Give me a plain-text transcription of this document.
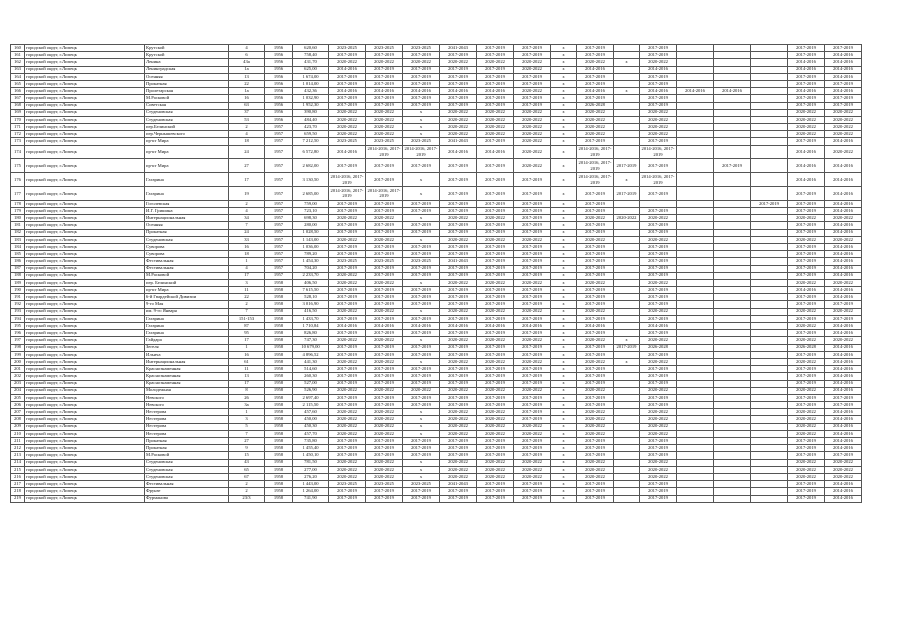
160	городской округ, г.Липецк	Крутской	4	1956	620,60	2023-2025	2023-2025	2023-2025	2041-2043	2017-2019	2017-2019	x	2017-2019		2017-2019				2017-2019	2017-2019
161	городской округ, г.Липецк	Крутской	6	1956	758,40	2017-2019	2017-2019	2017-2019	2017-2019	2017-2019	2017-2019	x	2017-2019		2017-2019				2017-2019	2014-2016
162	городской округ, г.Липецк	Ленина	43а	1956	431,70	2020-2022	2020-2022	2020-2022	2020-2022	2020-2022	2020-2022	x	2020-2022	x	2020-2022				2014-2016	2014-2016
163	городской округ, г.Липецк	Ленинградская	1а	1956	625,00	2014-2016	2017-2019	2017-2019	2017-2019	2017-2019	2020-2022	x	2014-2016		2014-2016				2014-2016	2014-2016
164	городской округ, г.Липецк	Осенняя	13	1956	1 674,00	2017-2019	2017-2019	2017-2019	2017-2019	2017-2019	2017-2019	x	2017-2019		2017-2019				2017-2019	2014-2016
165	городской округ, г.Липецк	Прокатная	22	1956	1 014,00	2017-2019	2017-2019	2017-2019	2017-2019	2017-2019	2017-2019	x	2017-2019		2017-2019				2017-2019	2017-2019
166	городской округ, г.Липецк	Пролетарская	1а	1956	432,36	2014-2016	2014-2016	2014-2016	2014-2016	2014-2016	2020-2022	x	2014-2016	x	2014-2016	2014-2016	2014-2016		2014-2016	2014-2016
167	городской округ, г.Липецк	М.Расковой	16	1956	1 032,90	2017-2019	2017-2019	2017-2019	2017-2019	2017-2019	2017-2019	x	2017-2019		2017-2019				2017-2019	2017-2019
168	городской округ, г.Липецк	Советская	63	1956	1 952,30	2017-2019	2017-2019	2017-2019	2017-2019	2017-2019	2017-2019	x	2026-2028		2017-2019				2017-2019	2017-2019
169	городской округ, г.Липецк	Студеновская	37	1956	390,80	2020-2022	2020-2022	x	2020-2022	2020-2022	2020-2022	x	2020-2022		2020-2022				2020-2022	2020-2022
170	городской округ, г.Липецк	Студеновская	53	1956	484,40	2020-2022	2020-2022	x	2020-2022	2020-2022	2020-2022	x	2020-2022		2020-2022				2020-2022	2020-2022
171	городской округ, г.Липецк	пер.Белинский	2	1957	423,70	2020-2022	2020-2022	x	2020-2022	2020-2022	2020-2022	x	2020-2022		2020-2022				2020-2022	2020-2022
172	городской округ, г.Липецк	пер.Чернышевского	4	1957	659,50	2020-2022	2020-2022	x	2020-2022	2020-2022	2020-2022	x	2020-2022		2020-2022				2020-2022	2020-2022
173	городской округ, г.Липецк	пр-кт Мира	18	1957	7 212,50	2023-2025	2023-2025	2023-2025	2041-2043	2017-2019	2020-2022	x	2017-2019		2017-2019				2017-2019	2014-2016
174	городской округ, г.Липецк	пр-кт Мира	24	1957	6 572,80	2014-2016	2014-2016, 2017-2019	2014-2016, 2017-2019	2014-2016	2014-2016	2020-2022	x	2014-2016, 2017-2019		2014-2016, 2017-2019				2014-2016	2020-2022
175	городской округ, г.Липецк	пр-кт Мира	27	1957	2 682,00	2017-2019	2017-2019	2017-2019	2017-2019	2017-2019	2020-2022	x	2014-2016, 2017-2019	2017-2019	2017-2019		2017-2019		2014-2016	2014-2016
176	городской округ, г.Липецк	Гагарина	17	1957	3 130,50	2014-2016, 2017-2019	2017-2019	x	2017-2019	2017-2019	2017-2019	x	2014-2016, 2017-2019	x	2014-2016, 2017-2019				2014-2016	2014-2016
177	городской округ, г.Липецк	Гагарина	19	1957	2 685,00	2014-2016, 2017-2019	2014-2016, 2017-2019	x	2017-2019	2017-2019	2017-2019	x	2017-2019	2017-2019	2017-2019				2017-2019	2014-2016
178	городской округ, г.Липецк	Гоголевская	2	1957	759,00	2017-2019	2017-2019	2017-2019	2017-2019	2017-2019	2017-2019	x	2017-2019					2017-2019	2017-2019	2014-2016
179	городской округ, г.Липецк	И.Г. Гришина	4	1957	723,10	2017-2019	2017-2019	2017-2019	2017-2019	2017-2019	2017-2019	x	2017-2019		2017-2019				2017-2019	2014-2016
180	городской округ, г.Липецк	Интернациональная	34	1957	698,30	2020-2022	2020-2022	x	2020-2022	2020-2022	2017-2019	x	2020-2022	2020-2022	2020-2022				2020-2022	2020-2022
181	городской округ, г.Липецк	Осенняя	7	1957	280,00	2017-2019	2017-2019	2017-2019	2017-2019	2017-2019	2017-2019	x	2017-2019		2017-2019				2017-2019	2014-2016
182	городской округ, г.Липецк	Прокатная	24	1957	1 028,50	2017-2019	2017-2019	2017-2019	2017-2019	2017-2019	2017-2019	x	2017-2019		2017-2019				2017-2019	2014-2016
183	городской округ, г.Липецк	Студеновская	33	1957	1 143,00	2020-2022	2020-2022	x	2020-2022	2020-2022	2020-2022	x	2020-2022		2020-2022				2020-2022	2020-2022
184	городской округ, г.Липецк	Суворова	16	1957	1 036,00	2017-2019	2017-2019	2017-2019	2017-2019	2017-2019	2017-2019	x	2017-2019		2017-2019				2017-2019	2014-2016
185	городской округ, г.Липецк	Суворова	18	1957	789,20	2017-2019	2017-2019	2017-2019	2017-2019	2017-2019	2017-2019	x	2017-2019		2017-2019				2017-2019	2014-2016
186	городской округ, г.Липецк	Фестивальная	1	1957	1 454,30	2023-2025	2023-2025	2023-2025	2041-2043	2017-2019	2017-2019	x	2017-2019		2017-2019				2017-2019	2014-2016
187	городской округ, г.Липецк	Фестивальная	4	1957	704,20	2017-2019	2017-2019	2017-2019	2017-2019	2017-2019	2017-2019	x	2017-2019		2017-2019				2017-2019	2014-2016
188	городской округ, г.Липецк	М.Расковой	17	1957	2 233,70	2020-2022	2017-2019	2017-2019	2017-2019	2017-2019	2017-2019	x	2017-2019		2017-2019				2017-2019	2014-2016
189	городской округ, г.Липецк	пер. Белинский	3	1958	406,50	2020-2022	2020-2022	x	2020-2022	2020-2022	2020-2022	x	2020-2022		2020-2022				2020-2022	2020-2022
190	городской округ, г.Липецк	пр-кт Мира	11	1958	7 615,50	2017-2019	2017-2019	2017-2019	2017-2019	2017-2019	2017-2019	x	2017-2019		2017-2019				2014-2016	2014-2016
191	городской округ, г.Липецк	6-й Гвардейской Дивизии	22	1958	528,10	2017-2019	2017-2019	2017-2019	2017-2019	2017-2019	2017-2019	x	2017-2019		2017-2019				2017-2019	2014-2016
192	городской округ, г.Липецк	9-го Мая	2	1958	3 016,90	2017-2019	2017-2019	2017-2019	2017-2019	2017-2019	2017-2019	x	2017-2019		2017-2019				2017-2019	2017-2019
193	городской округ, г.Липецк	им. 9-го Января	7	1958	416,50	2020-2022	2020-2022	x	2020-2022	2020-2022	2020-2022	x	2020-2022		2020-2022				2020-2022	2020-2022
194	городской округ, г.Липецк	Гагарина	151-153	1958	1 433,70	2017-2019	2017-2019	2017-2019	2017-2019	2017-2019	2017-2019	x	2017-2019		2017-2019				2017-2019	2017-2019
195	городской округ, г.Липецк	Гагарина	87	1958	1 710,84	2014-2016	2014-2016	2014-2016	2014-2016	2014-2016	2014-2016	x	2014-2016		2014-2016				2020-2022	2014-2016
196	городской округ, г.Липецк	Гагарина	95	1958	826,80	2017-2019	2017-2019	2017-2019	2017-2019	2017-2019	2017-2019	x	2017-2019		2017-2019				2017-2019	2014-2016
197	городской округ, г.Липецк	Гайдара	17	1958	747,30	2020-2022	2020-2022	x	2020-2022	2020-2022	2020-2022	x	2020-2022	x	2020-2022				2020-2022	2020-2022
198	городской округ, г.Липецк	Зегеля	1	1958	10 679,00	2017-2019	2017-2019	2017-2019	2017-2019	2017-2019	2017-2019	x	2017-2019	2017-2019	2026-2028				2026-2028	2014-2016
199	городской округ, г.Липецк	Ильича	16	1958	4 896,52	2017-2019	2017-2019	2017-2019	2017-2019	2017-2019	2017-2019	x	2017-2019		2017-2019				2017-2019	2014-2016
200	городской округ, г.Липецк	Интернациональная	61	1958	441,30	2020-2022	2020-2022	x	2020-2022	2020-2022	2020-2022	x	2020-2022	x	2020-2022				2020-2022	2014-2016
201	городской округ, г.Липецк	Краснознаменная	11	1958	514,60	2017-2019	2017-2019	2017-2019	2017-2019	2017-2019	2017-2019	x	2017-2019		2017-2019				2017-2019	2014-2016
202	городской округ, г.Липецк	Краснознаменная	13	1958	260,30	2017-2019	2017-2019	2017-2019	2017-2019	2017-2019	2017-2019	x	2017-2019		2017-2019				2017-2019	2014-2016
203	городской округ, г.Липецк	Краснознаменная	17	1958	527,00	2017-2019	2017-2019	2017-2019	2017-2019	2017-2019	2017-2019	x	2017-2019		2017-2019				2017-2019	2014-2016
204	городской округ, г.Липецк	Молодежная	8	1958	526,90	2020-2022	2020-2022	2020-2022	2020-2022	2020-2022	2020-2022	x	2020-2022		2020-2022				2020-2022	2014-2016
205	городской округ, г.Липецк	Невского	26	1958	2 697,40	2017-2019	2017-2019	2017-2019	2017-2019	2017-2019	2017-2019	x	2017-2019		2017-2019				2017-2019	2017-2019
206	городской округ, г.Липецк	Невского	3а	1958	2 115,50	2017-2019	2017-2019	2017-2019	2017-2019	2017-2019	2017-2019	x	2017-2019		2017-2019				2017-2019	2017-2019
207	городской округ, г.Липецк	Нестерова	1	1958	457,60	2020-2022	2020-2022	x	2020-2022	2020-2022	2017-2019	x	2020-2022		2020-2022				2020-2022	2014-2016
208	городской округ, г.Липецк	Нестерова	3	1958	450,00	2020-2022	2020-2022	x	2020-2022	2020-2022	2017-2019	x	2020-2022		2020-2022				2020-2022	2014-2016
209	городской округ, г.Липецк	Нестерова	5	1958	450,30	2020-2022	2020-2022	x	2020-2022	2020-2022	2020-2022	x	2020-2022		2020-2022				2020-2022	2014-2016
210	городской округ, г.Липецк	Нестерова	7	1958	457,70	2020-2022	2020-2022	x	2020-2022	2020-2022	2020-2022	x	2020-2022		2020-2022				2020-2022	2014-2016
211	городской округ, г.Липецк	Прокатная	27	1958	735,80	2017-2019	2017-2019	2017-2019	2017-2019	2017-2019	2017-2019	x	2017-2019		2017-2019				2017-2019	2014-2016
212	городской округ, г.Липецк	Прокатная	9	1958	1 455,40	2017-2019	2017-2019	2017-2019	2017-2019	2017-2019	2017-2019	x	2017-2019		2017-2019				2017-2019	2014-2016
213	городской округ, г.Липецк	М.Расковой	15	1958	1 450,10	2017-2019	2017-2019	2017-2019	2017-2019	2017-2019	2017-2019	x	2017-2019		2017-2019				2017-2019	2017-2019
214	городской округ, г.Липецк	Студеновская	43	1958	781,50	2020-2022	2020-2022	x	2020-2022	2020-2022	2020-2022	x	2020-2022		2020-2022				2020-2022	2020-2022
215	городской округ, г.Липецк	Студеновская	65	1958	277,00	2020-2022	2020-2022	x	2020-2022	2020-2022	2020-2022	x	2020-2022		2020-2022				2020-2022	2020-2022
216	городской округ, г.Липецк	Студеновская	67	1958	276,20	2020-2022	2020-2022	x	2020-2022	2020-2022	2020-2022	x	2020-2022		2020-2022				2020-2022	2020-2022
217	городской округ, г.Липецк	Фестивальная	2	1958	1 443,00	2023-2025	2023-2025	2023-2025	2041-2043	2017-2019	2017-2019	x	2017-2019		2017-2019				2017-2019	2014-2016
218	городской округ, г.Липецк	Фрунзе	2	1958	1 264,00	2017-2019	2017-2019	2017-2019	2017-2019	2017-2019	2017-2019	x	2017-2019		2017-2019				2017-2019	2014-2016
219	городской округ, г.Липецк	Фурманова	23/3	1958	741,90	2017-2019	2017-2019	2017-2019	2017-2019	2017-2019	2017-2019	x	2017-2019		2017-2019				2017-2019	2014-2016
